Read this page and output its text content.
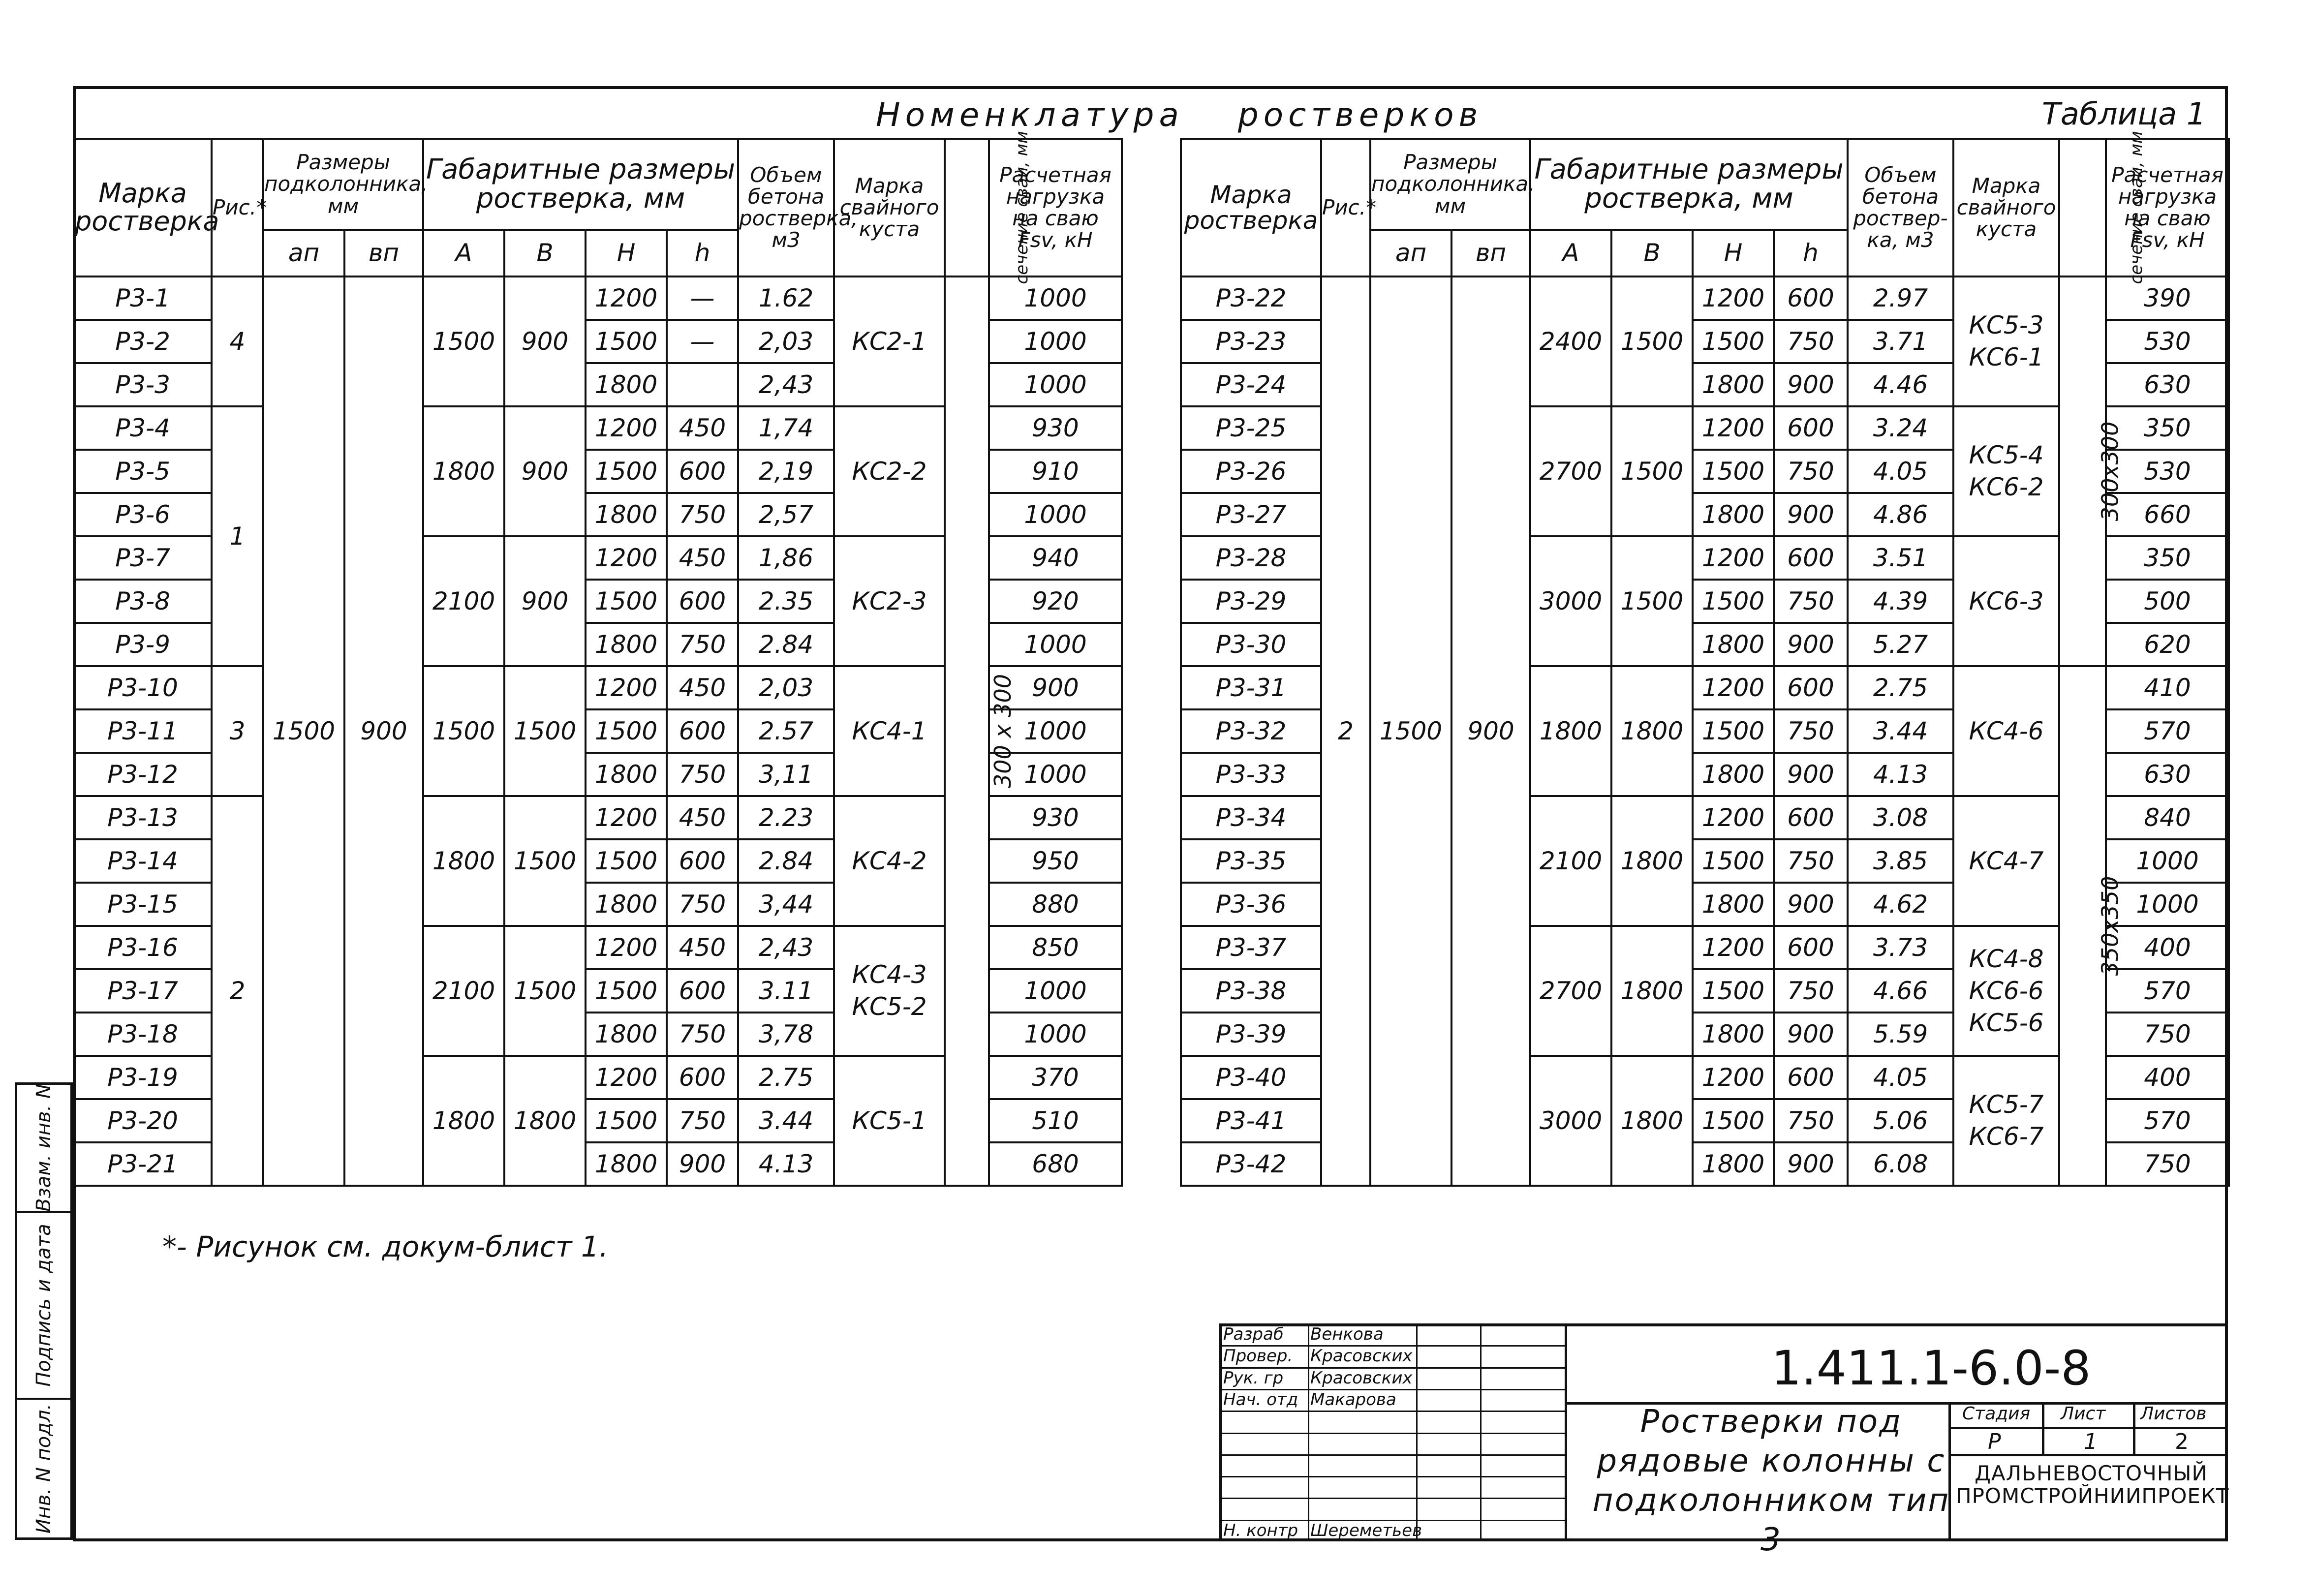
Взам. инв. N
Подпись и дата
Инв. N подл.
Номенклатура ростверков	Таблица 1
Марка ростверка	Рис.*	Размеры подколонника, мм		Габаритные размеры ростверка, мм				Объем бетона ростверка, м3	Марка свайного куста	сечение сваи, мм	Расчетная нагрузка на сваю Fsv, кН
		aп	вп	A	B	H	h				
Р3-1	4	1500	900	1500	900	1200	—	1.62	КС2-1	300 x 300	1000
Р3-2						1500	—	2,03			1000
Р3-3						1800		2,43			1000
Р3-4	1			1800	900	1200	450	1,74	КС2-2		930
Р3-5						1500	600	2,19			910
Р3-6						1800	750	2,57			1000
Р3-7				2100	900	1200	450	1,86	КС2-3		940
Р3-8						1500	600	2.35			920
Р3-9						1800	750	2.84			1000
Р3-10	3			1500	1500	1200	450	2,03	КС4-1		900
Р3-11						1500	600	2.57			1000
Р3-12						1800	750	3,11			1000
Р3-13	2			1800	1500	1200	450	2.23	КС4-2		930
Р3-14						1500	600	2.84			950
Р3-15						1800	750	3,44			880
Р3-16				2100	1500	1200	450	2,43	КС4-3 КС5-2		850
Р3-17						1500	600	3.11			1000
Р3-18						1800	750	3,78			1000
Р3-19				1800	1800	1200	600	2.75	КС5-1		370
Р3-20						1500	750	3.44			510
Р3-21						1800	900	4.13			680
Марка ростверка	Рис.*	Размеры подколонника, мм		Габаритные размеры ростверка, мм				Объем бетона роствер-ка, м3	Марка свайного куста	сечение сваи, мм	Расчетная нагрузка на сваю Fsv, кН
		aп	вп	A	B	H	h				
Р3-22	2	1500	900	2400	1500	1200	600	2.97	КС5-3 КС6-1	300x300	390
Р3-23						1500	750	3.71			530
Р3-24						1800	900	4.46			630
Р3-25				2700	1500	1200	600	3.24	КС5-4 КС6-2		350
Р3-26						1500	750	4.05			530
Р3-27						1800	900	4.86			660
Р3-28				3000	1500	1200	600	3.51	КС6-3		350
Р3-29						1500	750	4.39			500
Р3-30						1800	900	5.27			620
Р3-31				1800	1800	1200	600	2.75	КС4-6	350x350	410
Р3-32						1500	750	3.44			570
Р3-33						1800	900	4.13			630
Р3-34				2100	1800	1200	600	3.08	КС4-7		840
Р3-35						1500	750	3.85			1000
Р3-36						1800	900	4.62			1000
Р3-37				2700	1800	1200	600	3.73	КС4-8 КС6-6 КС5-6		400
Р3-38						1500	750	4.66			570
Р3-39						1800	900	5.59			750
Р3-40				3000	1800	1200	600	4.05	КС5-7 КС6-7		400
Р3-41						1500	750	5.06			570
Р3-42						1800	900	6.08			750
*- Рисунок см. докум-блист 1.
Разраб Венкова
Провер. Красовских
Рук. гр Красовских
Нач. отд Макарова
Н. контр Шереметьев
Стадия Лист Листов
Р	1	2
1.411.1-6.0-8
Ростверки под
рядовые колонны с
подколонником тип 3
ДАЛЬНЕВОСТОЧНЫЙ
ПРОМСТРОЙНИИПРОЕКТ
